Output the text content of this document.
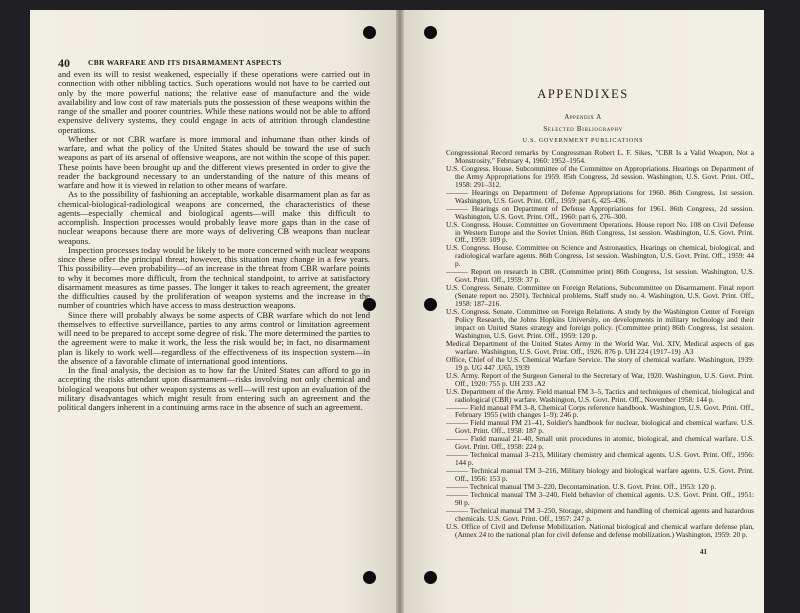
40 CBR WARFARE AND ITS DISARMAMENT ASPECTS

and even its will to resist weakened, especially if these operations were carried out in connection with other nibbling tactics. Such operations would not have to be carried out only by the more powerful nations; the relative ease of manufacture and the wide availability and low cost of raw materials puts the possession of these weapons within the range of the smaller and poorer countries. While these nations would not be able to afford expensive delivery systems, they could engage in acts of attrition through clandestine operations.

Whether or not CBR warfare is more immoral and inhumane than other kinds of warfare, and what the policy of the United States should be toward the use of such weapons as part of its arsenal of offensive weapons, are not within the scope of this paper. These points have been brought up and the different views presented in order to give the reader the background necessary to an understanding of the nature of this means of warfare and how it is viewed in relation to other means of warfare.

As to the possibility of fashioning an acceptable, workable disarmament plan as far as chemical-biological-radiological weapons are concerned, the characteristics of these agents—especially chemical and biological agents—will make this difficult to accomplish. Inspection processes would probably leave more gaps than in the case of nuclear weapons because there are more ways of delivering CB weapons than nuclear weapons.

Inspection processes today would be likely to be more concerned with nuclear weapons since these offer the principal threat; however, this situation may change in a few years. This possibility—even probability—of an increase in the threat from CBR warfare points to why it becomes more difficult, from the technical standpoint, to arrive at satisfactory disarmament measures as time passes. The longer it takes to reach agreement, the greater the difficulties caused by the proliferation of weapon systems and the increase in the number of countries which have access to mass destruction weapons.

Since there will probably always be some aspects of CBR warfare which do not lend themselves to effective surveillance, parties to any arms control or limitation agreement will need to be prepared to accept some degree of risk. The more determined the parties to the agreement were to make it work, the less the risk would be; in fact, no disarmament plan is likely to work well—regardless of the effectiveness of its inspection system—in the absence of a favorable climate of international good intentions.

In the final analysis, the decision as to how far the United States can afford to go in accepting the risks attendant upon disarmament—risks involving not only chemical and biological weapons but other weapon systems as well—will rest upon an evaluation of the military disadvantages which might result from entering such an agreement and the political dangers inherent in a continuing arms race in the absence of such an agreement.

APPENDIXES
Appendix A
Selected Bibliography
U.S. GOVERNMENT PUBLICATIONS
Congressional Record remarks by Congressman Robert L. F. Sikes, "CBR Is a Valid Weapon, Not a Monstrosity," February 4, 1960: 1952–1954.
U.S. Congress. House. Subcommittee of the Committee on Appropriations. Hearings on Department of the Army Appropriations for 1959. 85th Congress, 2d session. Washington, U.S. Govt. Print. Off., 1958: 291–312.
——— Hearings on Department of Defense Appropriations for 1960. 86th Congress, 1st session. Washington, U.S. Govt. Print. Off., 1959: part 6, 425–436.
——— Hearings on Department of Defense Appropriations for 1961. 86th Congress, 2d session. Washington, U.S. Govt. Print. Off., 1960: part 6, 276–300.
U.S. Congress. House. Committee on Government Operations. House report No. 108 on Civil Defense in Western Europe and the Soviet Union. 86th Congress, 1st session. Washington, U.S. Govt. Print. Off., 1959: 109 p.
U.S. Congress. House. Committee on Science and Astronautics. Hearings on chemical, biological, and radiological warfare agents. 86th Congress, 1st session. Washington, U.S. Govt. Print. Off., 1959: 44 p.
——— Report on research in CBR. (Committee print) 86th Congress, 1st session. Washington, U.S. Govt. Print. Off., 1959: 37 p.
U.S. Congress. Senate. Committee on Foreign Relations, Subcommittee on Disarmament. Final report (Senate report no. 2501). Technical problems, Staff study no. 4. Washington, U.S. Govt. Print. Off., 1958: 187–216.
U.S. Congress. Senate. Committee on Foreign Relations. A study by the Washington Center of Foreign Policy Research, the Johns Hopkins University, on developments in military technology and their impact on United States strategy and foreign policy. (Committee print) 86th Congress, 1st session. Washington, U.S. Govt. Print. Off., 1959: 120 p.
Medical Department of the United States Army in the World War. Vol. XIV, Medical aspects of gas warfare. Washington, U.S. Govt. Print. Off., 1926. 876 p. UH 224 (1917–19) .A3
Office, Chief of the U.S. Chemical Warfare Service. The story of chemical warfare. Washington, 1939: 19 p. UG 447 .U65, 1939
U.S. Army. Report of the Surgeon General to the Secretary of War, 1920. Washington, U.S. Govt. Print. Off., 1920: 755 p. UH 233 .A2
U.S. Department of the Army. Field manual FM 3–5, Tactics and techniques of chemical, biological and radiological (CBR) warfare. Washington, U.S. Govt. Print. Off., November 1958: 144 p.
——— Field manual FM 3–8, Chemical Corps reference handbook. Washington, U.S. Govt. Print. Off., February 1955 (with changes 1–9): 246 p.
——— Field manual FM 21–41, Soldier's handbook for nuclear, biological and chemical warfare. U.S. Govt. Print. Off., 1958: 187 p.
——— Field manual 21–40, Small unit procedures in atomic, biological, and chemical warfare. U.S. Govt. Print. Off., 1958: 224 p.
——— Technical manual 3–215, Military chemistry and chemical agents. U.S. Govt. Print. Off., 1956: 144 p.
——— Technical manual TM 3–216, Military biology and biological warfare agents. U.S. Govt. Print. Off., 1956: 153 p.
——— Technical manual TM 3–220, Decontamination. U.S. Govt. Print. Off., 1953: 120 p.
——— Technical manual TM 3–240, Field behavior of chemical agents. U.S. Govt. Print. Off., 1951: 90 p.
——— Technical manual TM 3–250, Storage, shipment and handling of chemical agents and hazardous chemicals. U.S. Govt. Print. Off., 1957: 247 p.
U.S. Office of Civil and Defense Mobilization. National biological and chemical warfare defense plan, (Annex 24 to the national plan for civil defense and defense mobilization.) Washington, 1959: 20 p.
41
